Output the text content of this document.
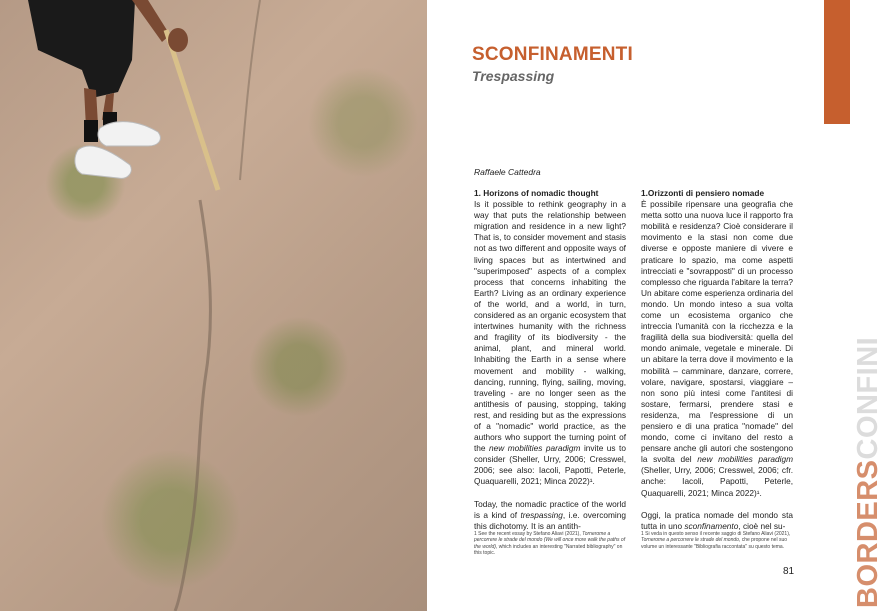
SCONFINAMENTI
Trespassing

Raffaele Cattedra

1. Horizons of nomadic thought

Is it possible to rethink geography in a way that puts the relationship between migration and residence in a new light? That is, to consider movement and stasis not as two different and opposite ways of living spaces but as intertwined and "superimposed" aspects of a complex process that concerns inhabiting the Earth? Living as an ordinary experience of the world, and a world, in turn, considered as an organic ecosystem that intertwines humanity with the richness and fragility of its biodiversity - the animal, plant, and mineral world. Inhabiting the Earth in a sense where movement and mobility - walking, dancing, running, flying, sailing, moving, traveling - are no longer seen as the antithesis of pausing, stopping, taking rest, and residing but as the expressions of a "nomadic" world practice, as the authors who support the turning point of the new mobilities paradigm invite us to consider (Sheller, Urry, 2006; Cresswel, 2006; see also: Iacoli, Papotti, Peterle, Quaquarelli, 2021; Minca 2022)¹.

Today, the nomadic practice of the world is a kind of trespassing, i.e. overcoming this dichotomy. It is an antith-

1.Orizzonti di pensiero nomade

È possibile ripensare una geografia che metta sotto una nuova luce il rapporto fra mobilità e residenza? Cioè considerare il movimento e la stasi non come due diverse e opposte maniere di vivere e praticare lo spazio, ma come aspetti intrecciati e "sovrapposti" di un processo complesso che riguarda l'abitare la terra? Un abitare come esperienza ordinaria del mondo. Un mondo inteso a sua volta come un ecosistema organico che intreccia l'umanità con la ricchezza e la fragilità della sua biodiversità: quella del mondo animale, vegetale e minerale. Di un abitare la terra dove il movimento e la mobilità – camminare, danzare, correre, volare, navigare, spostarsi, viaggiare – non sono più intesi come l'antitesi di sostare, fermarsi, prendere stasi e residenza, ma l'espressione di un pensiero e di una pratica "nomade" del mondo, come ci invitano del resto a pensare anche gli autori che sostengono la svolta del new mobilities paradigm (Sheller, Urry, 2006; Cresswel, 2006; cfr. anche: Iacoli, Papotti, Peterle, Quaquarelli, 2021; Minca 2022)¹.

Oggi, la pratica nomade del mondo sta tutta in uno sconfinamento, cioè nel su-

1 See the recent essay by Stefano Aliavi (2021), Tornerome a percorrere le strade del mondo (We will once more walk the paths of the world), which includes an interesting "Narrated bibliography" on this topic.
1 Si veda in questo senso il recente saggio di Stefano Aliavi (2021), Tornerome a percorrere le strade del mondo, che propone nel suo volume un interessante "Bibliografia raccontata" su questo tema.

81 BORDERSCONFINI
